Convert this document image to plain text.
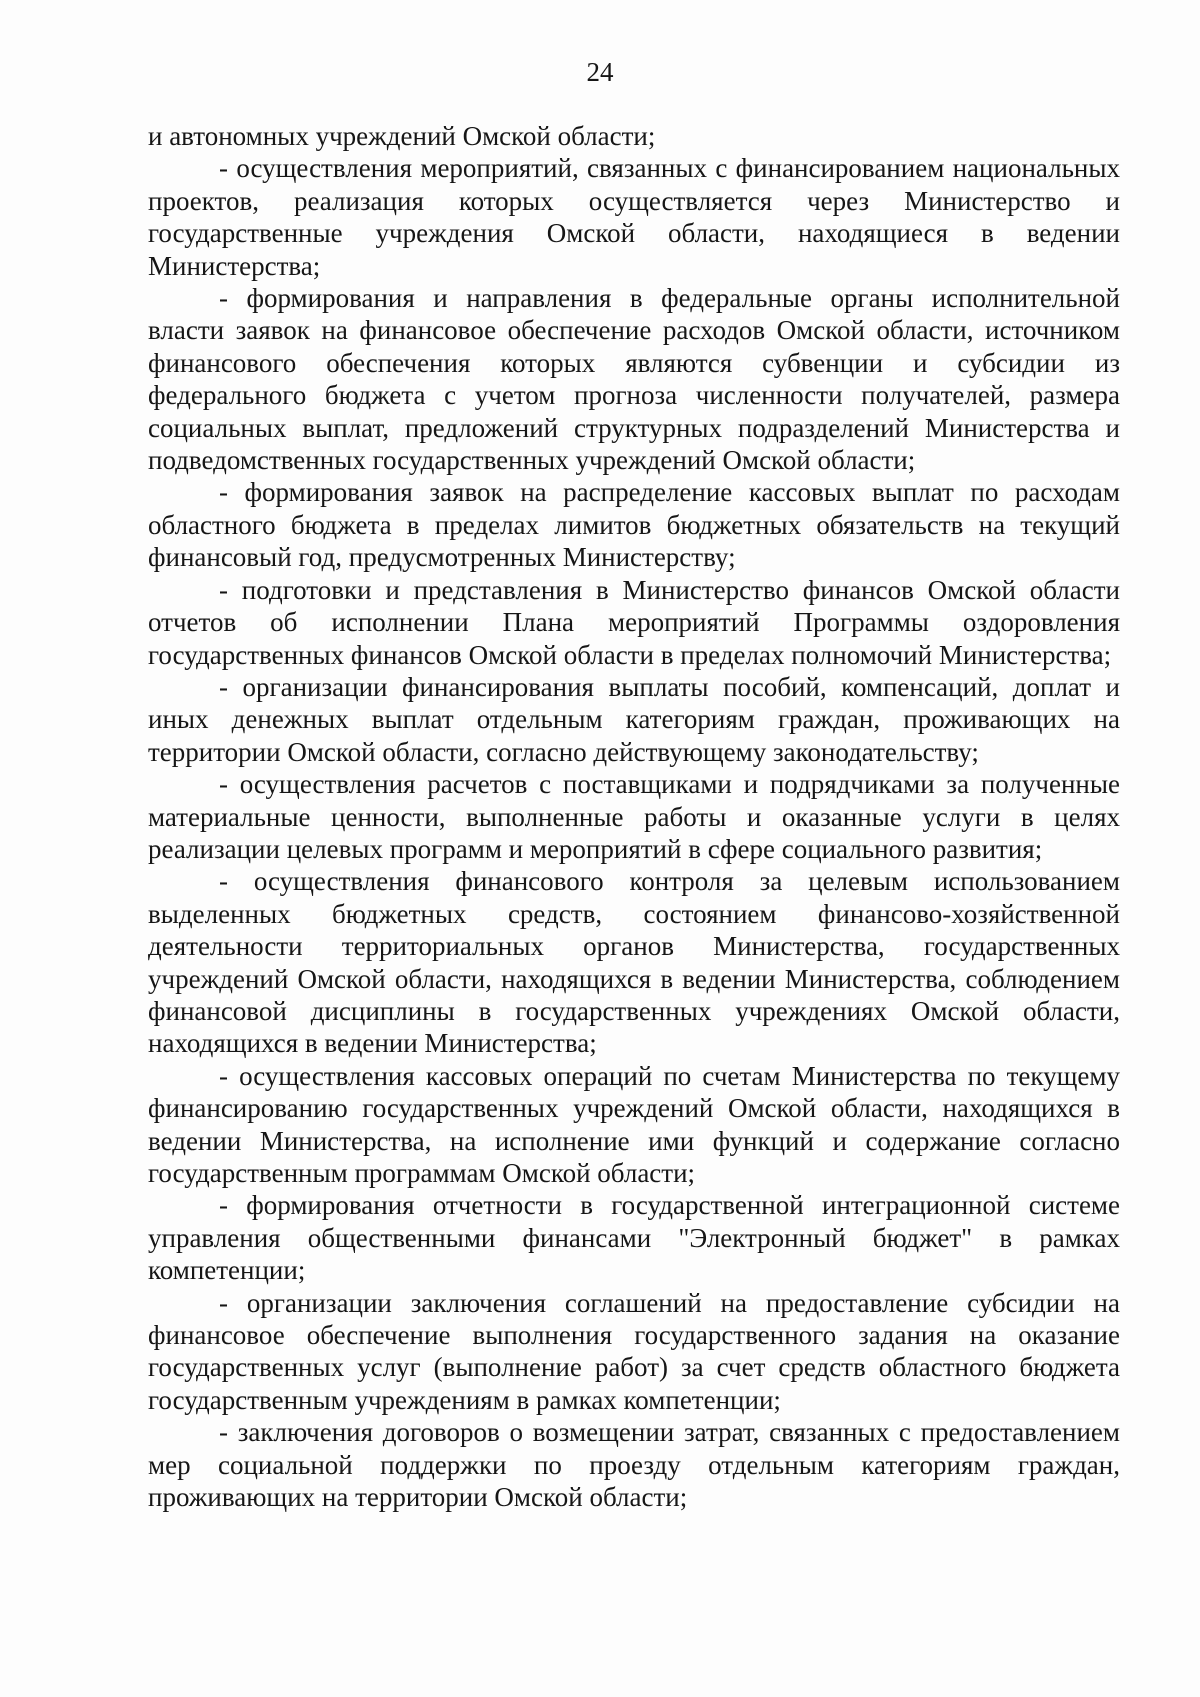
24

и автономных учреждений Омской области;

- осуществления мероприятий, связанных с финансированием национальных проектов, реализация которых осуществляется через Министерство и государственные учреждения Омской области, находящиеся в ведении Министерства;

- формирования и направления в федеральные органы исполнительной власти заявок на финансовое обеспечение расходов Омской области, источником финансового обеспечения которых являются субвенции и субсидии из федерального бюджета с учетом прогноза численности получателей, размера социальных выплат, предложений структурных подразделений Министерства и подведомственных государственных учреждений Омской области;

- формирования заявок на распределение кассовых выплат по расходам областного бюджета в пределах лимитов бюджетных обязательств на текущий финансовый год, предусмотренных Министерству;

- подготовки и представления в Министерство финансов Омской области отчетов об исполнении Плана мероприятий Программы оздоровления государственных финансов Омской области в пределах полномочий Министерства;

- организации финансирования выплаты пособий, компенсаций, доплат и иных денежных выплат отдельным категориям граждан, проживающих на территории Омской области, согласно действующему законодательству;

- осуществления расчетов с поставщиками и подрядчиками за полученные материальные ценности, выполненные работы и оказанные услуги в целях реализации целевых программ и мероприятий в сфере социального развития;

- осуществления финансового контроля за целевым использованием выделенных бюджетных средств, состоянием финансово-хозяйственной деятельности территориальных органов Министерства, государственных учреждений Омской области, находящихся в ведении Министерства, соблюдением финансовой дисциплины в государственных учреждениях Омской области, находящихся в ведении Министерства;

- осуществления кассовых операций по счетам Министерства по текущему финансированию государственных учреждений Омской области, находящихся в ведении Министерства, на исполнение ими функций и содержание согласно государственным программам Омской области;

- формирования отчетности в государственной интеграционной системе управления общественными финансами "Электронный бюджет" в рамках компетенции;

- организации заключения соглашений на предоставление субсидии на финансовое обеспечение выполнения государственного задания на оказание государственных услуг (выполнение работ) за счет средств областного бюджета государственным учреждениям в рамках компетенции;

- заключения договоров о возмещении затрат, связанных с предоставлением мер социальной поддержки по проезду отдельным категориям граждан, проживающих на территории Омской области;
